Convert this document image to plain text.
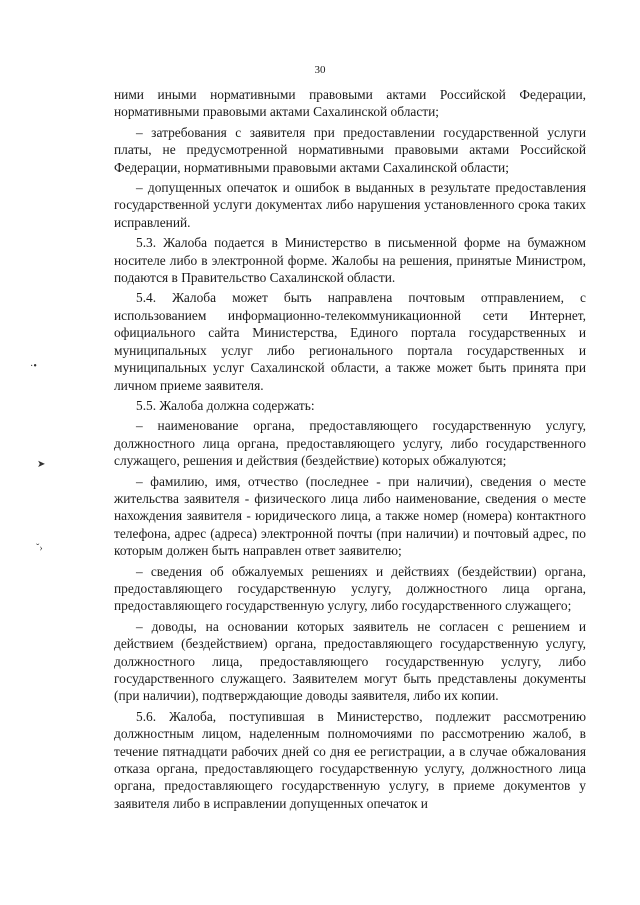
30
·•
➤
ˇ›

ними иными нормативными правовыми актами Российской Федерации, нормативными правовыми актами Сахалинской области;

– затребования с заявителя при предоставлении государственной услуги платы, не предусмотренной нормативными правовыми актами Российской Федерации, нормативными правовыми актами Сахалинской области;

– допущенных опечаток и ошибок в выданных в результате предоставления государственной услуги документах либо нарушения установленного срока таких исправлений.

5.3. Жалоба подается в Министерство в письменной форме на бумажном носителе либо в электронной форме. Жалобы на решения, принятые Министром, подаются в Правительство Сахалинской области.

5.4. Жалоба может быть направлена почтовым отправлением, с использованием информационно-телекоммуникационной сети Интернет, официального сайта Министерства, Единого портала государственных и муниципальных услуг либо регионального портала государственных и муниципальных услуг Сахалинской области, а также может быть принята при личном приеме заявителя.

5.5. Жалоба должна содержать:

– наименование органа, предоставляющего государственную услугу, должностного лица органа, предоставляющего услугу, либо государственного служащего, решения и действия (бездействие) которых обжалуются;

– фамилию, имя, отчество (последнее - при наличии), сведения о месте жительства заявителя - физического лица либо наименование, сведения о месте нахождения заявителя - юридического лица, а также номер (номера) контактного телефона, адрес (адреса) электронной почты (при наличии) и почтовый адрес, по которым должен быть направлен ответ заявителю;

– сведения об обжалуемых решениях и действиях (бездействии) органа, предоставляющего государственную услугу, должностного лица органа, предоставляющего государственную услугу, либо государственного служащего;

– доводы, на основании которых заявитель не согласен с решением и действием (бездействием) органа, предоставляющего государственную услугу, должностного лица, предоставляющего государственную услугу, либо государственного служащего. Заявителем могут быть представлены документы (при наличии), подтверждающие доводы заявителя, либо их копии.

5.6. Жалоба, поступившая в Министерство, подлежит рассмотрению должностным лицом, наделенным полномочиями по рассмотрению жалоб, в течение пятнадцати рабочих дней со дня ее регистрации, а в случае обжалования отказа органа, предоставляющего государственную услугу, должностного лица органа, предоставляющего государственную услугу, в приеме документов у заявителя либо в исправлении допущенных опечаток и
